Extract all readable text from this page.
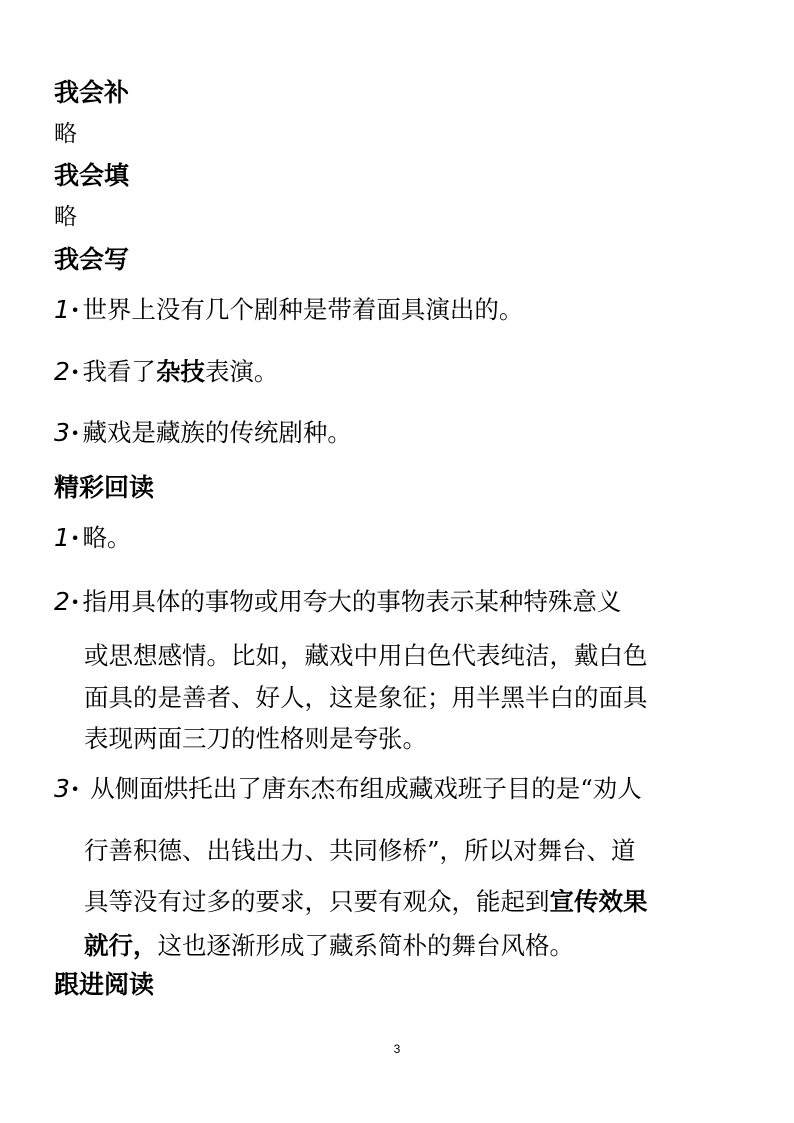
我会补
略
我会填
略
我会写
1· 世界上没有几个剧种是带着面具演出的。
2· 我看了杂技表演。
3· 藏戏是藏族的传统剧种。
精彩回读
1· 略。
2· 指用具体的事物或用夸大的事物表示某种特殊意义
或思想感情。比如，藏戏中用白色代表纯洁，戴白色
面具的是善者、好人，这是象征；用半黑半白的面具
表现两面三刀的性格则是夸张。
3· 从侧面烘托出了唐东杰布组成藏戏班子目的是“劝人
行善积德、出钱出力、共同修桥”，所以对舞台、道
具等没有过多的要求，只要有观众，能起到宣传效果
就行，这也逐渐形成了藏系简朴的舞台风格。
跟进阅读
3
